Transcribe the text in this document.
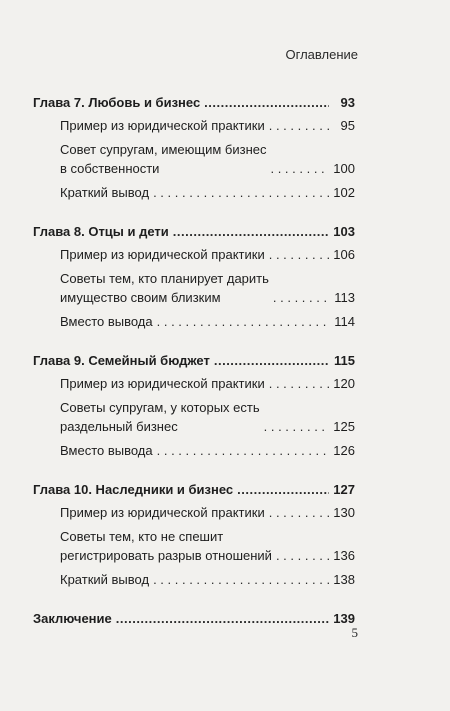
Оглавление
Глава 7. Любовь и бизнес .....	93
Пример из юридической практики . . .	95
Совет супругам, имеющим бизнес
в собственности . . .	100
Краткий вывод . . .	102
Глава 8. Отцы и дети .....	103
Пример из юридической практики . . .	106
Советы тем, кто планирует дарить
имущество своим близким . . .	113
Вместо вывода . . .	114
Глава 9. Семейный бюджет .....	115
Пример из юридической практики . . .	120
Советы супругам, у которых есть
раздельный бизнес . . .	125
Вместо вывода . . .	126
Глава 10. Наследники и бизнес .....	127
Пример из юридической практики . . .	130
Советы тем, кто не спешит
регистрировать разрыв отношений . . .	136
Краткий вывод . . .	138
Заключение .....	139
5
